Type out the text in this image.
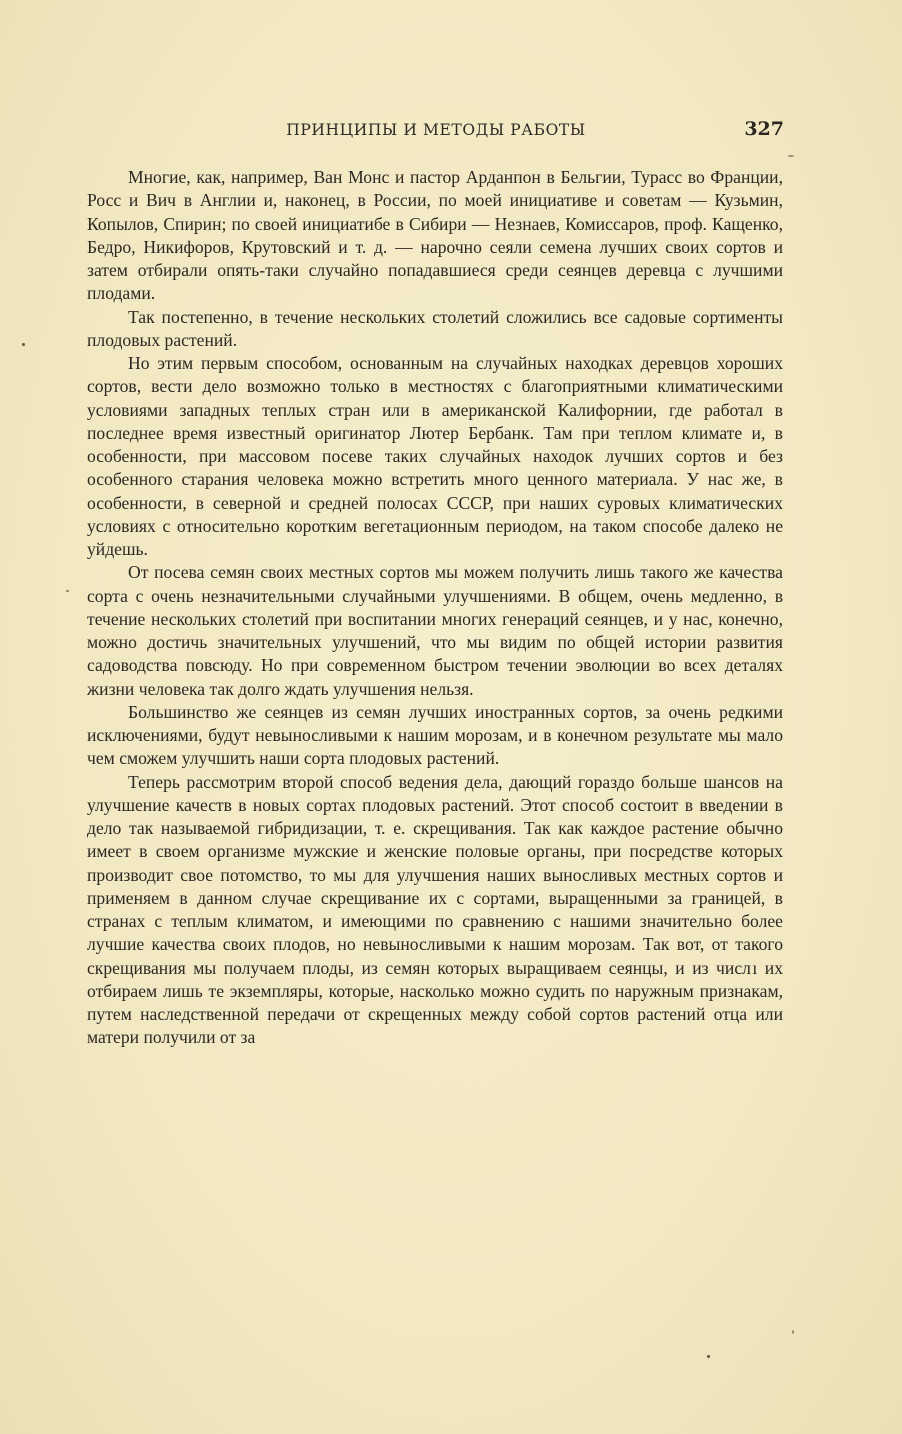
ПРИНЦИПЫ И МЕТОДЫ РАБОТЫ	327

Многие, как, например, Ван Монс и пастор Арданпон в Бельгии, Турасс во Франции, Росс и Вич в Англии и, наконец, в России, по моей инициативе и советам — Кузьмин, Копылов, Спирин; по своей инициатибе в Сибири — Незнаев, Комиссаров, проф. Кащенко, Бедро, Никифоров, Крутовский и т. д. — нарочно сеяли семена лучших своих сортов и затем отбирали опять-таки случайно попадавшиеся среди сеянцев деревца с лучшими плодами.

Так постепенно, в течение нескольких столетий сложились все садовые сортименты плодовых растений.

Но этим первым способом, основанным на случайных находках деревцов хороших сортов, вести дело возможно только в местностях с благоприятными климатическими условиями западных теплых стран или в американской Калифорнии, где работал в последнее время известный оригинатор Лютер Бербанк. Там при теплом климате и, в особенности, при массовом посеве таких случайных находок лучших сортов и без особенного старания человека можно встретить много ценного материала. У нас же, в особенности, в северной и средней полосах СССР, при наших суровых климатических условиях с относительно коротким вегетационным периодом, на таком способе далеко не уйдешь.

От посева семян своих местных сортов мы можем получить лишь такого же качества сорта с очень незначительными случайными улучшениями. В общем, очень медленно, в течение нескольких столетий при воспитании многих генераций сеянцев, и у нас, конечно, можно достичь значительных улучшений, что мы видим по общей истории развития садоводства повсюду. Но при современном быстром течении эволюции во всех деталях жизни человека так долго ждать улучшения нельзя.

Большинство же сеянцев из семян лучших иностранных сортов, за очень редкими исключениями, будут невыносливыми к нашим морозам, и в конечном результате мы мало чем сможем улучшить наши сорта плодовых растений.

Теперь рассмотрим второй способ ведения дела, дающий гораздо больше шансов на улучшение качеств в новых сортах плодовых растений. Этот способ состоит в введении в дело так называемой гибридизации, т. е. скрещивания. Так как каждое растение обычно имеет в своем организме мужские и женские половые органы, при посредстве которых производит свое потомство, то мы для улучшения наших выносливых местных сортов и применяем в данном случае скрещивание их с сортами, выращенными за границей, в странах с теплым климатом, и имеющими по сравнению с нашими значительно более лучшие качества своих плодов, но невыносливыми к нашим морозам. Так вот, от такого скрещивания мы получаем плоды, из семян которых выращиваем сеянцы, и из числ ı их отбираем лишь те экземпляры, которые, насколько можно судить по наружным признакам, путем наследственной передачи от скрещенных между собой сортов растений отца или матери получили от за
